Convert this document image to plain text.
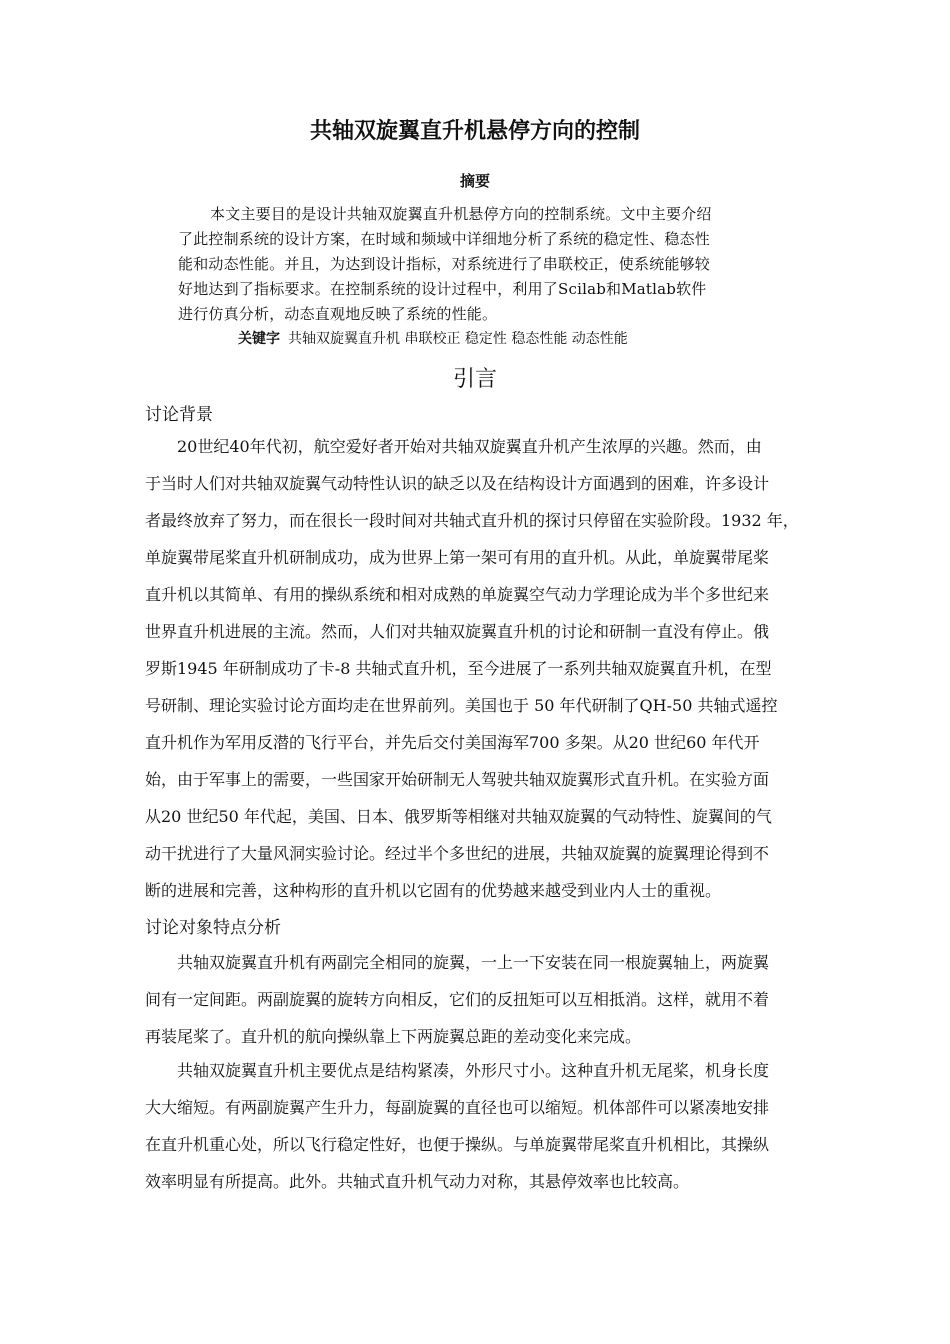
共轴双旋翼直升机悬停方向的控制
摘要
本文主要目的是设计共轴双旋翼直升机悬停方向的控制系统。文中主要介绍
了此控制系统的设计方案，在时域和频域中详细地分析了系统的稳定性、稳态性
能和动态性能。并且，为达到设计指标，对系统进行了串联校正，使系统能够较
好地达到了指标要求。在控制系统的设计过程中，利用了Scilab和Matlab软件
进行仿真分析，动态直观地反映了系统的性能。
关键字 共轴双旋翼直升机 串联校正 稳定性 稳态性能 动态性能
引言
讨论背景
20世纪40年代初，航空爱好者开始对共轴双旋翼直升机产生浓厚的兴趣。然而，由
于当时人们对共轴双旋翼气动特性认识的缺乏以及在结构设计方面遇到的困难，许多设计
者最终放弃了努力，而在很长一段时间对共轴式直升机的探讨只停留在实验阶段。1932 年，
单旋翼带尾桨直升机研制成功，成为世界上第一架可有用的直升机。从此，单旋翼带尾桨
直升机以其简单、有用的操纵系统和相对成熟的单旋翼空气动力学理论成为半个多世纪来
世界直升机进展的主流。然而，人们对共轴双旋翼直升机的讨论和研制一直没有停止。俄
罗斯1945 年研制成功了卡-8 共轴式直升机，至今进展了一系列共轴双旋翼直升机，在型
号研制、理论实验讨论方面均走在世界前列。美国也于 50 年代研制了QH-50 共轴式遥控
直升机作为军用反潜的飞行平台，并先后交付美国海军700 多架。从20 世纪60 年代开
始，由于军事上的需要，一些国家开始研制无人驾驶共轴双旋翼形式直升机。在实验方面
从20 世纪50 年代起，美国、日本、俄罗斯等相继对共轴双旋翼的气动特性、旋翼间的气
动干扰进行了大量风洞实验讨论。经过半个多世纪的进展，共轴双旋翼的旋翼理论得到不
断的进展和完善，这种构形的直升机以它固有的优势越来越受到业内人士的重视。
讨论对象特点分析
共轴双旋翼直升机有两副完全相同的旋翼，一上一下安装在同一根旋翼轴上，两旋翼
间有一定间距。两副旋翼的旋转方向相反，它们的反扭矩可以互相抵消。这样，就用不着
再装尾桨了。直升机的航向操纵靠上下两旋翼总距的差动变化来完成。
共轴双旋翼直升机主要优点是结构紧凑，外形尺寸小。这种直升机无尾桨，机身长度
大大缩短。有两副旋翼产生升力，每副旋翼的直径也可以缩短。机体部件可以紧凑地安排
在直升机重心处，所以飞行稳定性好，也便于操纵。与单旋翼带尾桨直升机相比，其操纵
效率明显有所提高。此外。共轴式直升机气动力对称，其悬停效率也比较高。
